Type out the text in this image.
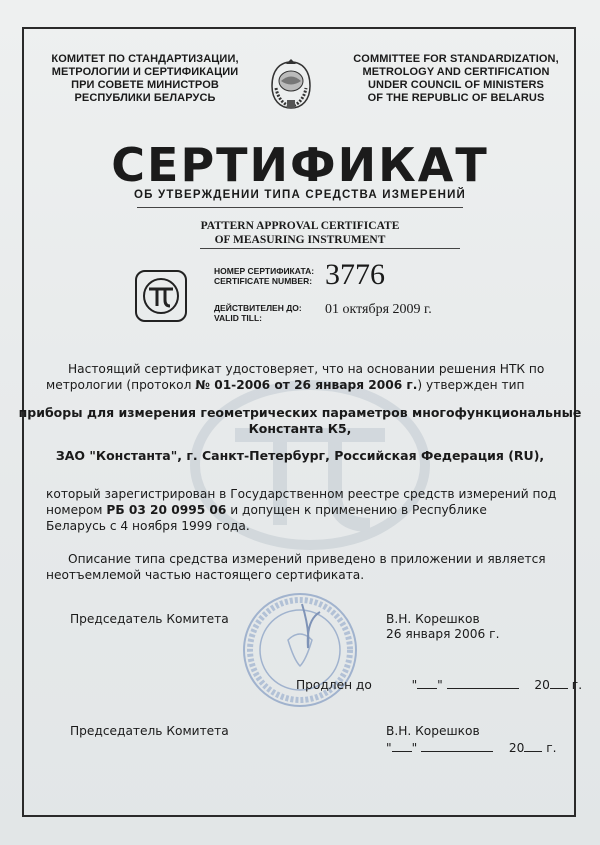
КОМИТЕТ ПО СТАНДАРТИЗАЦИИ,
МЕТРОЛОГИИ И СЕРТИФИКАЦИИ
ПРИ СОВЕТЕ МИНИСТРОВ
РЕСПУБЛИКИ БЕЛАРУСЬ
COMMITTEE FOR STANDARDIZATION,
METROLOGY AND CERTIFICATION
UNDER COUNCIL OF MINISTERS
OF THE REPUBLIC OF BELARUS
СЕРТИФИКАТ
ОБ УТВЕРЖДЕНИИ ТИПА СРЕДСТВА ИЗМЕРЕНИЙ
PATTERN APPROVAL CERTIFICATE
OF MEASURING INSTRUMENT
НОМЕР СЕРТИФИКАТА:
CERTIFICATE NUMBER: 3776
ДЕЙСТВИТЕЛЕН ДО:
VALID TILL:
01 октября 2009 г.
Настоящий сертификат удостоверяет, что на основании решения НТК по
метрологии (протокол № 01-2006 от 26 января 2006 г.) утвержден тип
приборы для измерения геометрических параметров многофункциональные
Константа К5,
ЗАО "Константа", г. Санкт-Петербург, Российская Федерация (RU),
который зарегистрирован в Государственном реестре средств измерений под
номером РБ 03 20 0995 06 и допущен к применению в Республике
Беларусь с 4 ноября 1999 года.
Описание типа средства измерений приведено в приложении и является
неотъемлемой частью настоящего сертификата.
Председатель Комитета	В.Н. Корешков
26 января 2006 г.
Продлен до	" "	20 г.
Председатель Комитета	В.Н. Корешков
" "	20 г.
